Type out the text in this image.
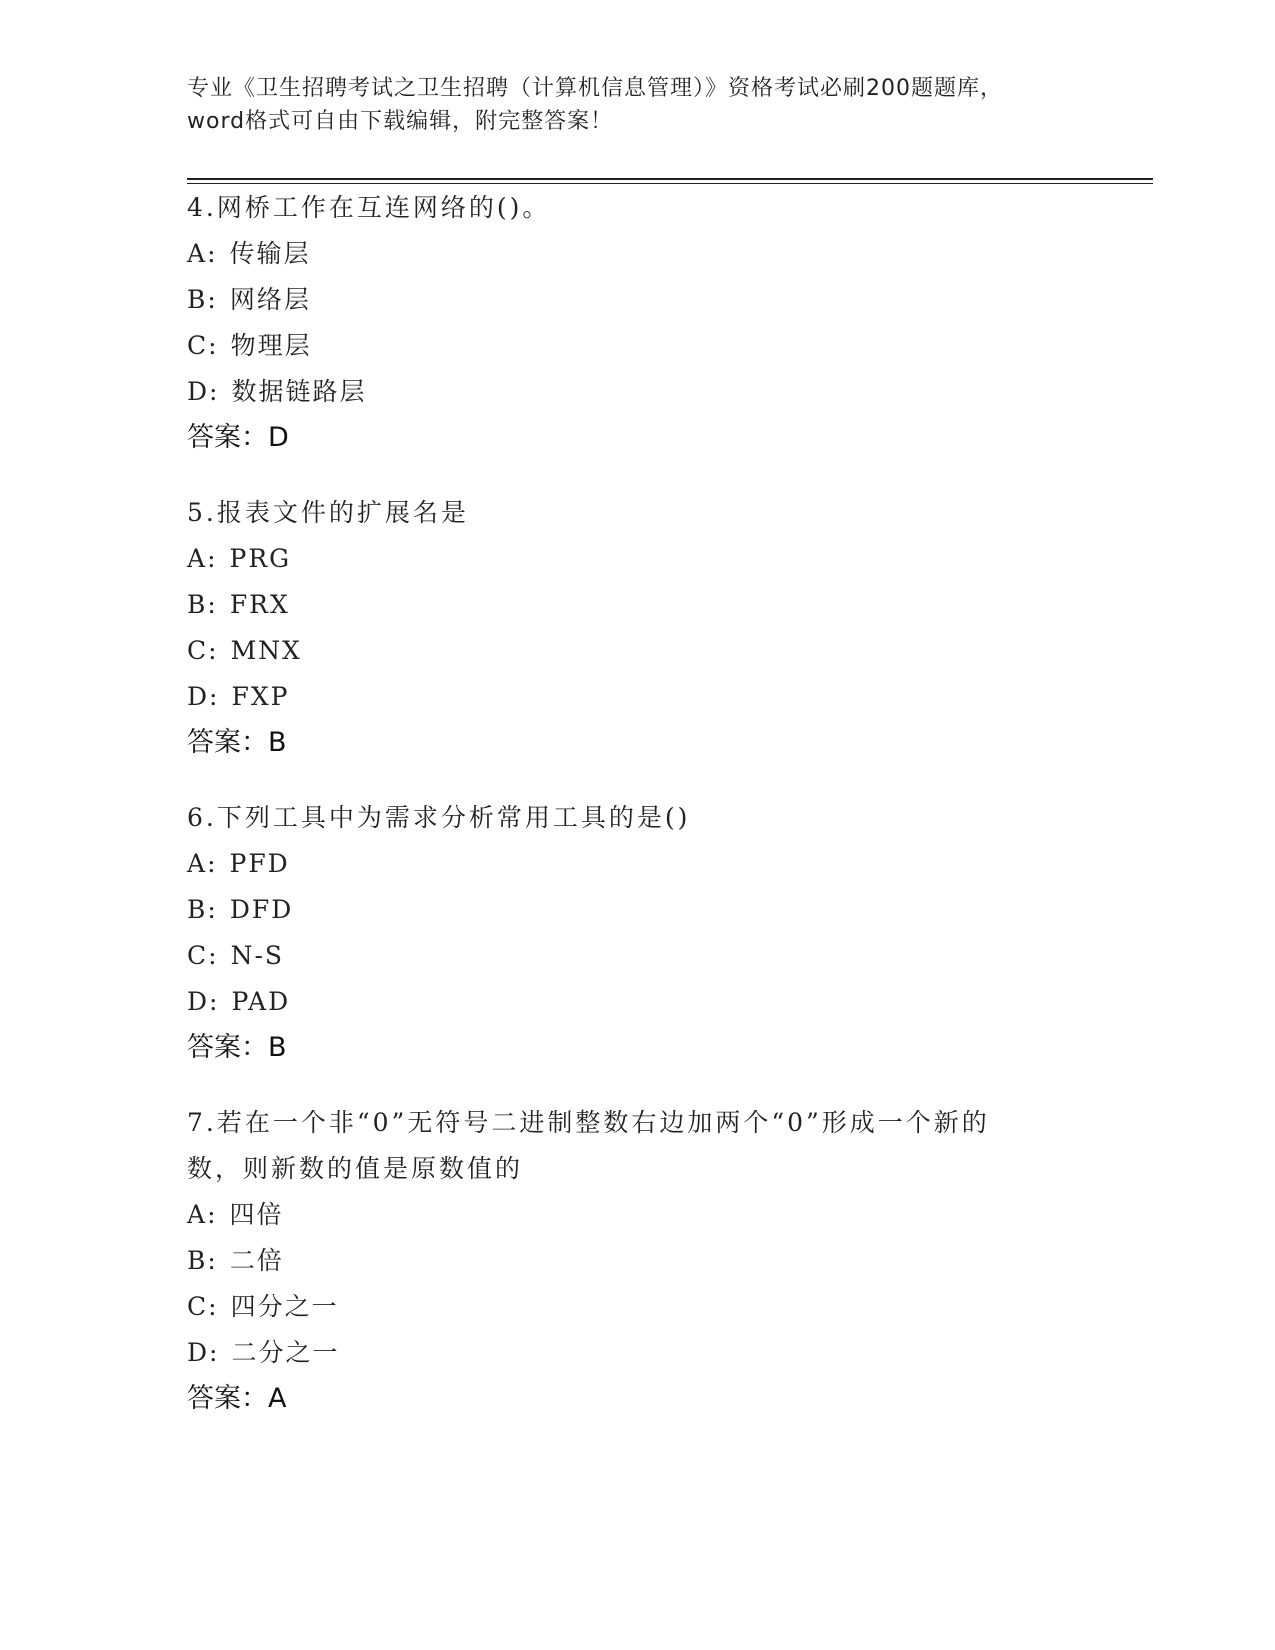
专业《卫生招聘考试之卫生招聘（计算机信息管理）》资格考试必刷200题题库，
word格式可自由下载编辑，附完整答案！
4.网桥工作在互连网络的()。
A: 传输层
B: 网络层
C: 物理层
D: 数据链路层
答案：D
5.报表文件的扩展名是
A: PRG
B: FRX
C: MNX
D: FXP
答案：B
6.下列工具中为需求分析常用工具的是()
A: PFD
B: DFD
C: N-S
D: PAD
答案：B
7.若在一个非“0”无符号二进制整数右边加两个“0”形成一个新的
数，则新数的值是原数值的
A: 四倍
B: 二倍
C: 四分之一
D: 二分之一
答案：A
